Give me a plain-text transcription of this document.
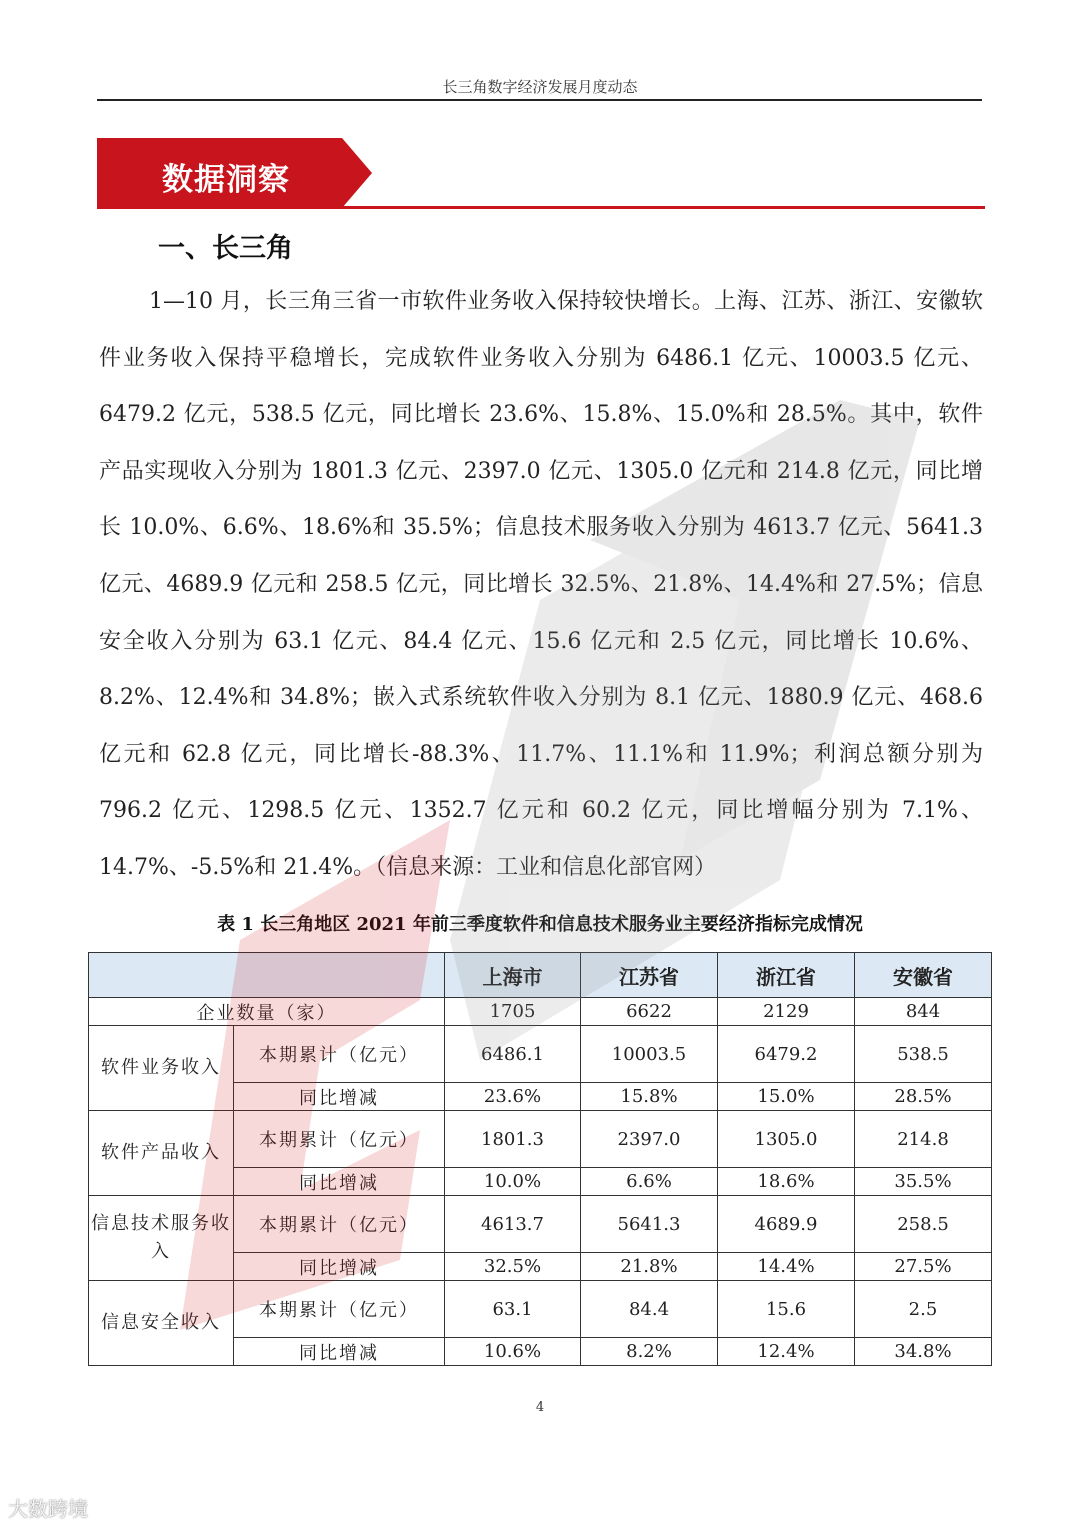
长三角数字经济发展月度动态
数据洞察
一、长三角

1—10 月，长三角三省一市软件业务收入保持较快增长。上海、江苏、浙江、安徽软件业务收入保持平稳增长，完成软件业务收入分别为 6486.1 亿元、10003.5 亿元、6479.2 亿元，538.5 亿元，同比增长 23.6%、15.8%、15.0%和 28.5%。其中，软件产品实现收入分别为 1801.3 亿元、2397.0 亿元、1305.0 亿元和 214.8 亿元，同比增长 10.0%、6.6%、18.6%和 35.5%；信息技术服务收入分别为 4613.7 亿元、5641.3 亿元、4689.9 亿元和 258.5 亿元，同比增长 32.5%、21.8%、14.4%和 27.5%；信息安全收入分别为 63.1 亿元、84.4 亿元、15.6 亿元和 2.5 亿元，同比增长 10.6%、8.2%、12.4%和 34.8%；嵌入式系统软件收入分别为 8.1 亿元、1880.9 亿元、468.6 亿元和 62.8 亿元，同比增长-88.3%、11.7%、11.1%和 11.9%；利润总额分别为 796.2 亿元、1298.5 亿元、1352.7 亿元和 60.2 亿元，同比增幅分别为 7.1%、14.7%、-5.5%和 21.4%。（信息来源：工业和信息化部官网）

表 1 长三角地区 2021 年前三季度软件和信息技术服务业主要经济指标完成情况
		上海市	江苏省	浙江省	安徽省
企业数量（家）		1705	6622	2129	844
软件业务收入	本期累计（亿元）	6486.1	10003.5	6479.2	538.5
	同比增减	23.6%	15.8%	15.0%	28.5%
软件产品收入	本期累计（亿元）	1801.3	2397.0	1305.0	214.8
	同比增减	10.0%	6.6%	18.6%	35.5%
信息技术服务收入	本期累计（亿元）	4613.7	5641.3	4689.9	258.5
	同比增减	32.5%	21.8%	14.4%	27.5%
信息安全收入	本期累计（亿元）	63.1	84.4	15.6	2.5
	同比增减	10.6%	8.2%	12.4%	34.8%
4
大数跨境
